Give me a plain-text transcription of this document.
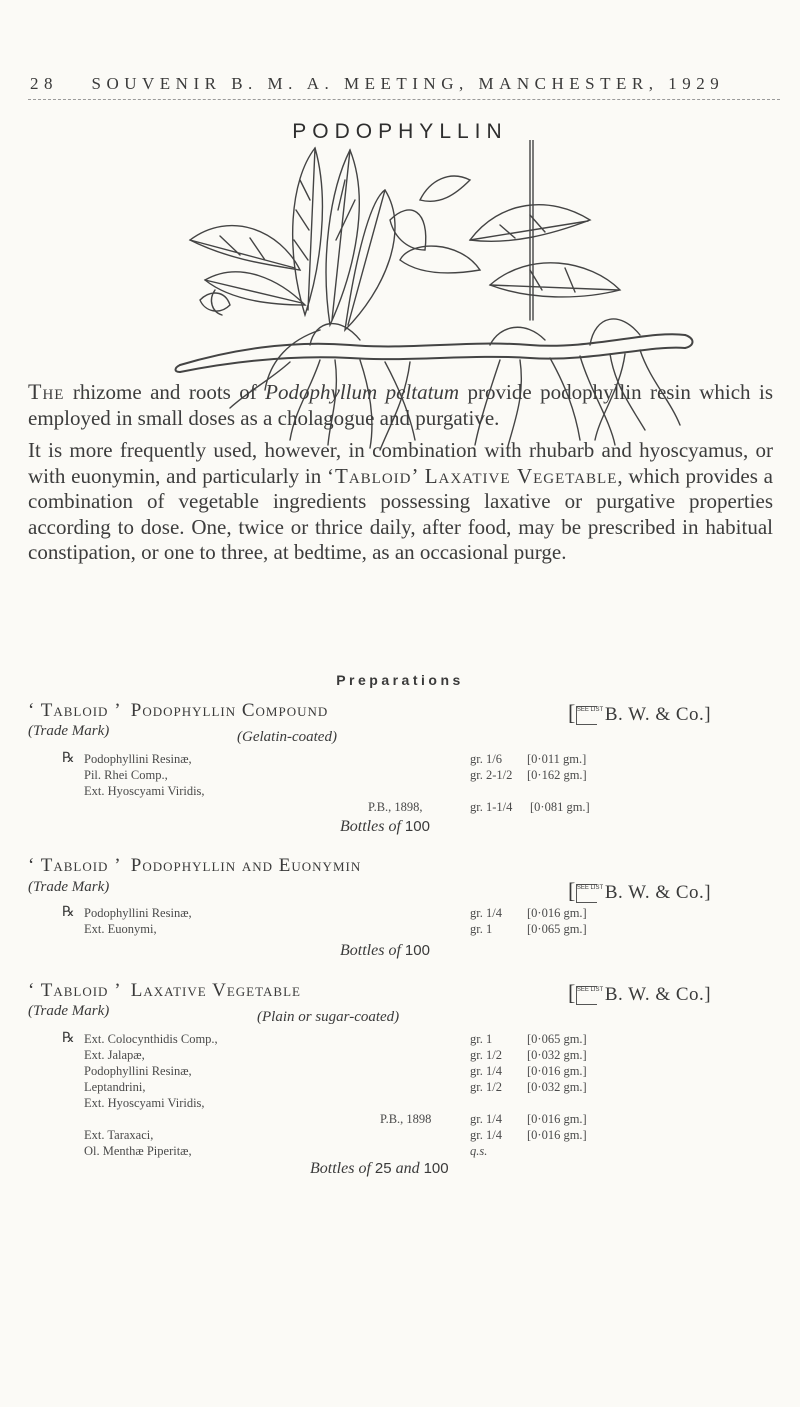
28 SOUVENIR B. M. A. MEETING, MANCHESTER, 1929
PODOPHYLLIN

The rhizome and roots of Podophyllum peltatum provide podophyllin resin which is employed in small doses as a cholagogue and purgative.

It is more frequently used, however, in combination with rhubarb and hyoscyamus, or with euonymin, and particularly in ‘Tabloid’ Laxative Vegetable, which provides a combination of vegetable ingredients possessing laxative or purgative properties according to dose. One, twice or thrice daily, after food, may be prescribed in habitual constipation, or one to three, at bedtime, as an occasional purge.

Preparations
‘ Tabloid ’ Podophyllin Compound	[SEE LISTB. W. & Co.]
(Trade Mark)	(Gelatin-coated)
℞ Podophyllini Resinæ,	gr. 1/6 [0·011 gm.]
Pil. Rhei Comp.,	gr. 2-1/2 [0·162 gm.]
Ext. Hyoscyami Viridis,
P.B., 1898,	gr. 1-1/4 [0·081 gm.]
Bottles of 100
‘ Tabloid ’ Podophyllin and Euonymin
(Trade Mark)	[SEE LISTB. W. & Co.]
℞ Podophyllini Resinæ,	gr. 1/4 [0·016 gm.]
Ext. Euonymi,	gr. 1	[0·065 gm.]
Bottles of 100
‘ Tabloid ’ Laxative Vegetable	[SEE LISTB. W. & Co.]
(Trade Mark)	(Plain or sugar-coated)
℞ Ext. Colocynthidis Comp.,	gr. 1	[0·065 gm.]
Ext. Jalapæ,	gr. 1/2 [0·032 gm.]
Podophyllini Resinæ,	gr. 1/4 [0·016 gm.]
Leptandrini,	gr. 1/2 [0·032 gm.]
Ext. Hyoscyami Viridis,
P.B., 1898	gr. 1/4 [0·016 gm.]
Ext. Taraxaci,	gr. 1/4 [0·016 gm.]
Ol. Menthæ Piperitæ,	q.s.
Bottles of 25 and 100
